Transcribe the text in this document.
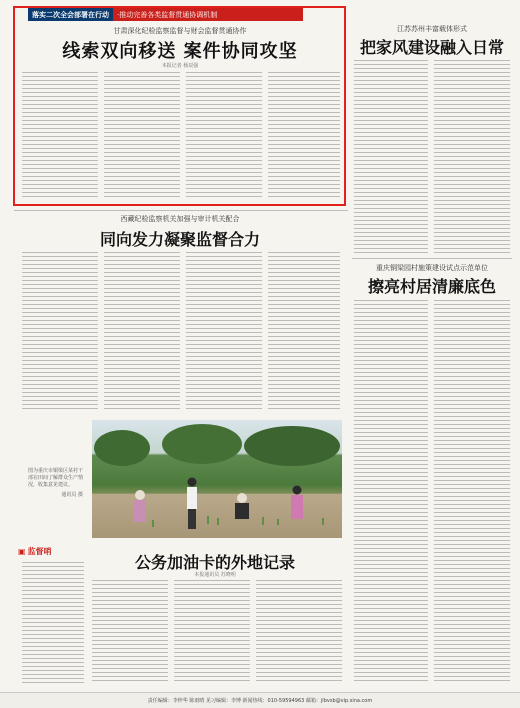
落实二次全会部署在行动	·推动完善各类监督贯通协调机制
甘肃深化纪检监察监督与财会监督贯通协作
线索双向移送 案件协同攻坚
本报记者 杨辰强
江苏苏州丰富载体形式
把家风建设融入日常
西藏纪检监察机关加强与审计机关配合
同向发力凝聚监督合力
重庆铜梁园村施策建设试点示范单位
擦亮村居清廉底色
图为重庆市铜梁区某村干部在田间了解群众生产情况，收集意见建议。
通讯员 摄
▣ 监督哨
公务加油卡的外地记录
本报通讯员 苏晓明
责任编辑：李梓华 陈雨晴 见习编辑：李博 新闻热线：010-59594963 邮箱：jlbvsb@vip.sina.com
